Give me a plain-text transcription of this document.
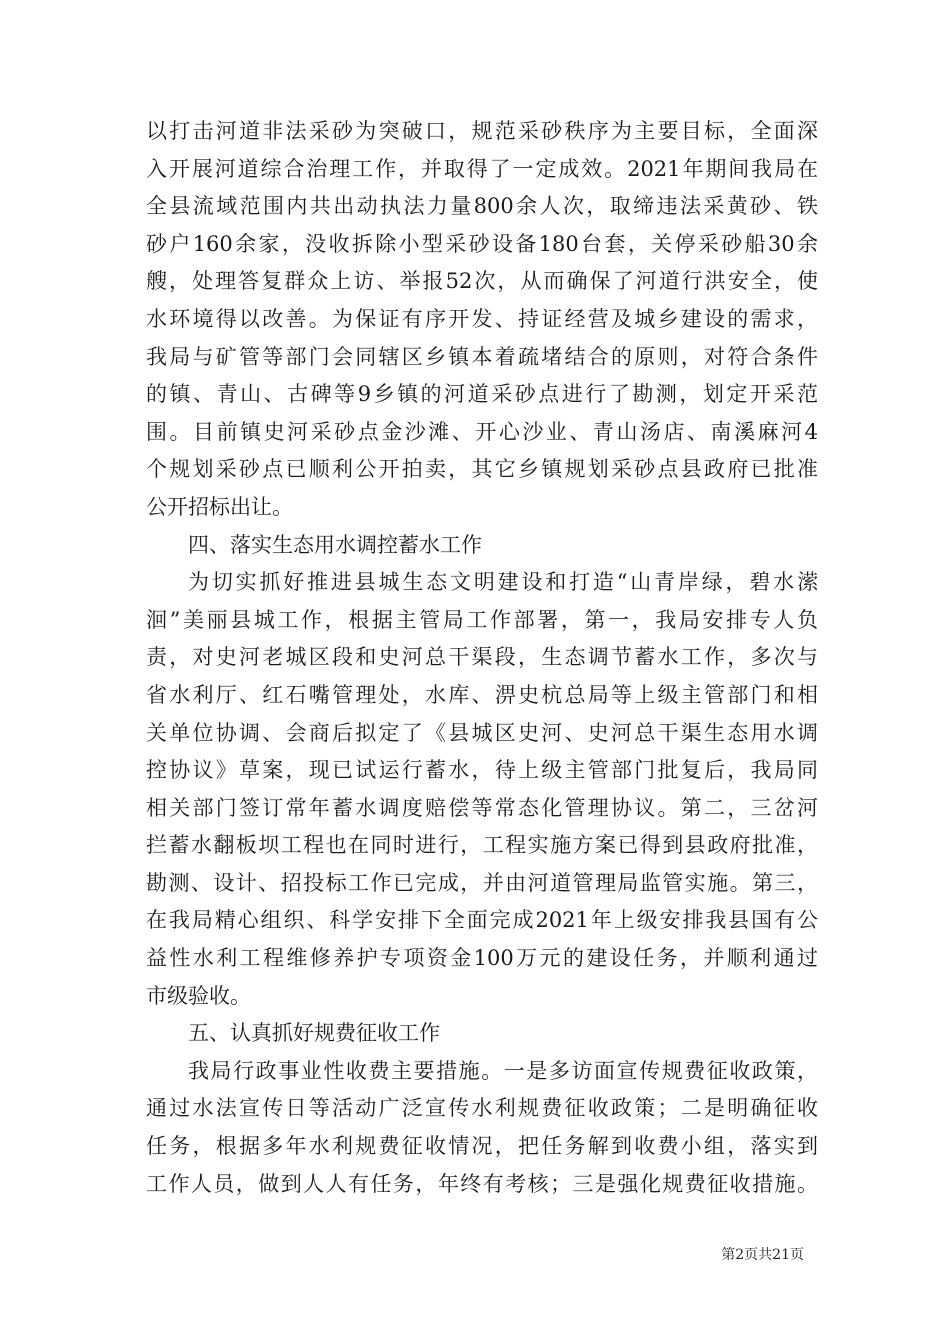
以打击河道非法采砂为突破口，规范采砂秩序为主要目标，全面深
入开展河道综合治理工作，并取得了一定成效。2021年期间我局在
全县流域范围内共出动执法力量800余人次，取缔违法采黄砂、铁
砂户160余家，没收拆除小型采砂设备180台套，关停采砂船30余
艘，处理答复群众上访、举报52次，从而确保了河道行洪安全，使
水环境得以改善。为保证有序开发、持证经营及城乡建设的需求，
我局与矿管等部门会同辖区乡镇本着疏堵结合的原则，对符合条件
的镇、青山、古碑等9乡镇的河道采砂点进行了勘测，划定开采范
围。目前镇史河采砂点金沙滩、开心沙业、青山汤店、南溪麻河4
个规划采砂点已顺利公开拍卖，其它乡镇规划采砂点县政府已批准
公开招标出让。
四、落实生态用水调控蓄水工作
为切实抓好推进县城生态文明建设和打造“山青岸绿，碧水潆
洄”美丽县城工作，根据主管局工作部署，第一，我局安排专人负
责，对史河老城区段和史河总干渠段，生态调节蓄水工作，多次与
省水利厅、红石嘴管理处，水库、淠史杭总局等上级主管部门和相
关单位协调、会商后拟定了《县城区史河、史河总干渠生态用水调
控协议》草案，现已试运行蓄水，待上级主管部门批复后，我局同
相关部门签订常年蓄水调度赔偿等常态化管理协议。第二，三岔河
拦蓄水翻板坝工程也在同时进行，工程实施方案已得到县政府批准，
勘测、设计、招投标工作已完成，并由河道管理局监管实施。第三，
在我局精心组织、科学安排下全面完成2021年上级安排我县国有公
益性水利工程维修养护专项资金100万元的建设任务，并顺利通过
市级验收。
五、认真抓好规费征收工作
我局行政事业性收费主要措施。一是多访面宣传规费征收政策，
通过水法宣传日等活动广泛宣传水利规费征收政策；二是明确征收
任务，根据多年水利规费征收情况，把任务解到收费小组，落实到
工作人员，做到人人有任务，年终有考核；三是强化规费征收措施。
第2页共21页
